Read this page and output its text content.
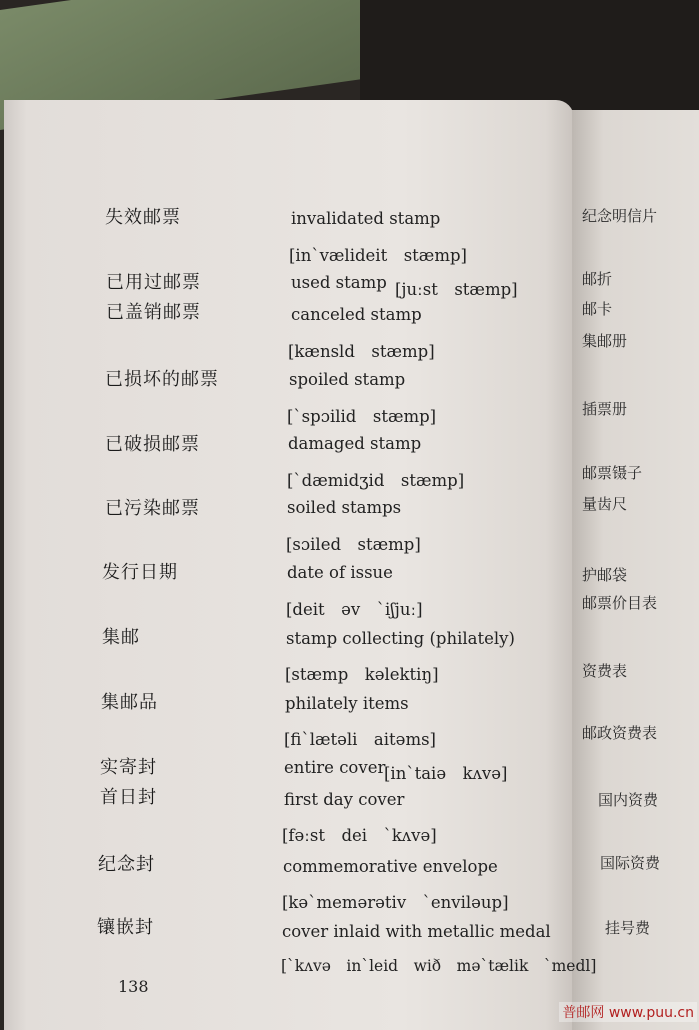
失效邮票	invalidated stamp
[inˋvælideit　stæmp]
已用过邮票	used stamp [juːst　stæmp]
已盖销邮票	canceled stamp
[kænsld　stæmp]
已损坏的邮票	spoiled stamp
[ˋspɔilid　stæmp]
已破损邮票	damaged stamp
[ˋdæmidʒid　stæmp]
已污染邮票	soiled stamps
[sɔiled　stæmp]
发行日期	date of issue
[deit　əv　ˋiʃjuː]
集邮	stamp collecting (philately)
[stæmp　kəlektiŋ]
集邮品	philately items
[fiˋlætəli　aitəms]
实寄封	entire cover
[inˋtaiə　kʌvə]
首日封	first day cover
[fəːst　dei　ˋkʌvə]
纪念封	commemorative envelope
[kəˋmemərətiv　ˋenviləup]
镶嵌封	cover inlaid with metallic medal
[ˋkʌvə　inˋleid　wið　məˋtælik　ˋmedl]
138
纪念明信片
邮折
邮卡
集邮册
插票册
邮票镊子
量齿尺
护邮袋
邮票价目表
资费表
邮政资费表
国内资费
国际资费
挂号费
普邮网 www.puu.cn
